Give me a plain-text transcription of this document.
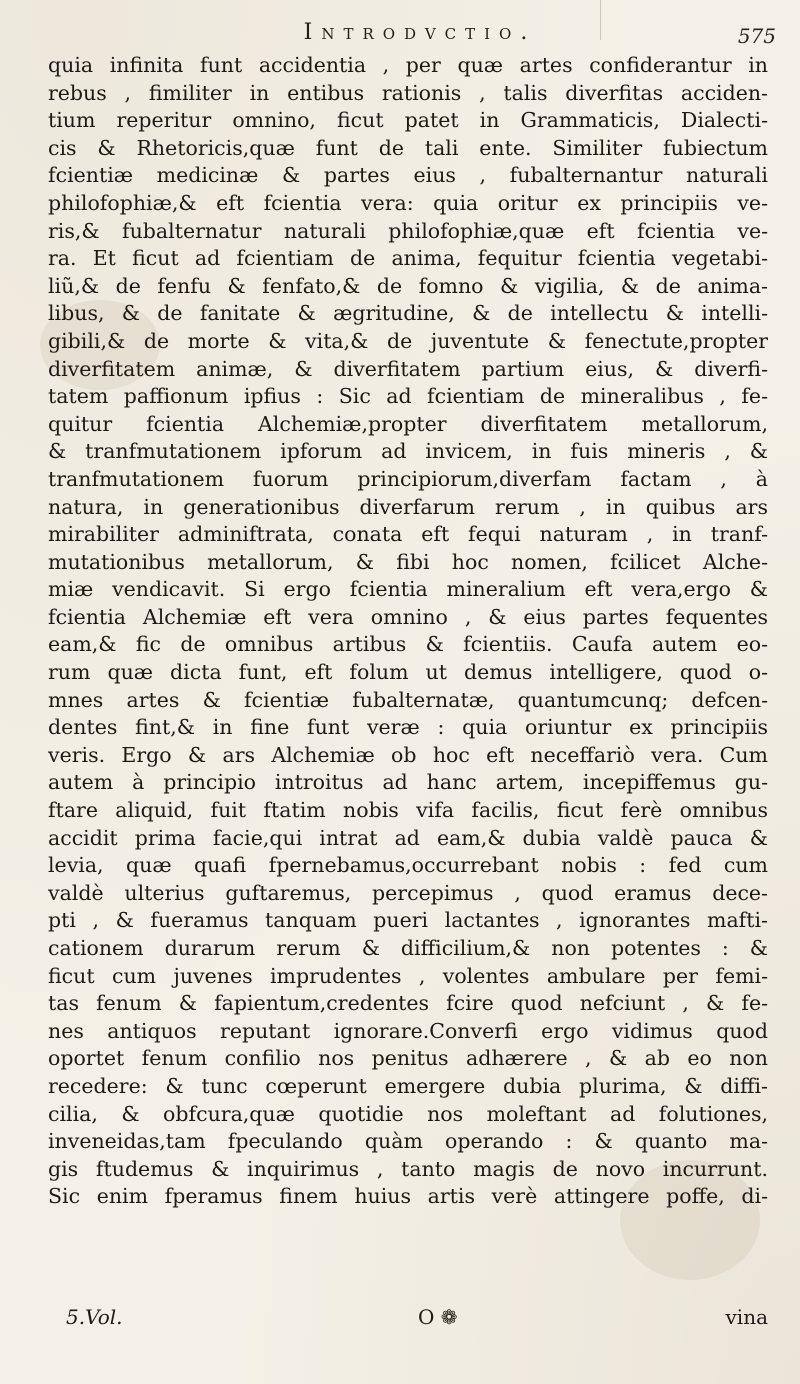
Introdvctio.	575
quia infinita funt accidentia , per quæ artes confiderantur in
rebus , fimiliter in entibus rationis , talis diverfitas acciden-
tium reperitur omnino, ficut patet in Grammaticis, Dialecti-
cis & Rhetoricis,quæ funt de tali ente. Similiter fubiectum
fcientiæ medicinæ & partes eius , fubalternantur naturali
philofophiæ,& eft fcientia vera: quia oritur ex principiis ve-
ris,& fubalternatur naturali philofophiæ,quæ eft fcientia ve-
ra. Et ficut ad fcientiam de anima, fequitur fcientia vegetabi-
liũ,& de fenfu & fenfato,& de fomno & vigilia, & de anima-
libus, & de fanitate & ægritudine, & de intellectu & intelli-
gibili,& de morte & vita,& de juventute & fenectute,propter
diverfitatem animæ, & diverfitatem partium eius, & diverfi-
tatem paffionum ipfius : Sic ad fcientiam de mineralibus , fe-
quitur fcientia Alchemiæ,propter diverfitatem metallorum,
& tranfmutationem ipforum ad invicem, in fuis mineris , &
tranfmutationem fuorum principiorum,diverfam factam , à
natura, in generationibus diverfarum rerum , in quibus ars
mirabiliter adminiftrata, conata eft fequi naturam , in tranf-
mutationibus metallorum, & fibi hoc nomen, fcilicet Alche-
miæ vendicavit. Si ergo fcientia mineralium eft vera,ergo &
fcientia Alchemiæ eft vera omnino , & eius partes fequentes
eam,& fic de omnibus artibus & fcientiis. Caufa autem eo-
rum quæ dicta funt, eft folum ut demus intelligere, quod o-
mnes artes & fcientiæ fubalternatæ, quantumcunq; defcen-
dentes fint,& in fine funt veræ : quia oriuntur ex principiis
veris. Ergo & ars Alchemiæ ob hoc eft neceffariò vera. Cum
autem à principio introitus ad hanc artem, incepiffemus gu-
ftare aliquid, fuit ftatim nobis vifa facilis, ficut ferè omnibus
accidit prima facie,qui intrat ad eam,& dubia valdè pauca &
levia, quæ quafi fpernebamus,occurrebant nobis : fed cum
valdè ulterius guftaremus, percepimus , quod eramus dece-
pti , & fueramus tanquam pueri lactantes , ignorantes mafti-
cationem durarum rerum & difficilium,& non potentes : &
ficut cum juvenes imprudentes , volentes ambulare per femi-
tas fenum & fapientum,credentes fcire quod nefciunt , & fe-
nes antiquos reputant ignorare.Converfi ergo vidimus quod
oportet fenum confilio nos penitus adhærere , & ab eo non
recedere: & tunc cœperunt emergere dubia plurima, & diffi-
cilia, & obfcura,quæ quotidie nos moleftant ad folutiones,
inveneidas,tam fpeculando quàm operando : & quanto ma-
gis ftudemus & inquirimus , tanto magis de novo incurrunt.
Sic enim fperamus finem huius artis verè attingere poffe, di-
5.Vol.	O ❁	vina
